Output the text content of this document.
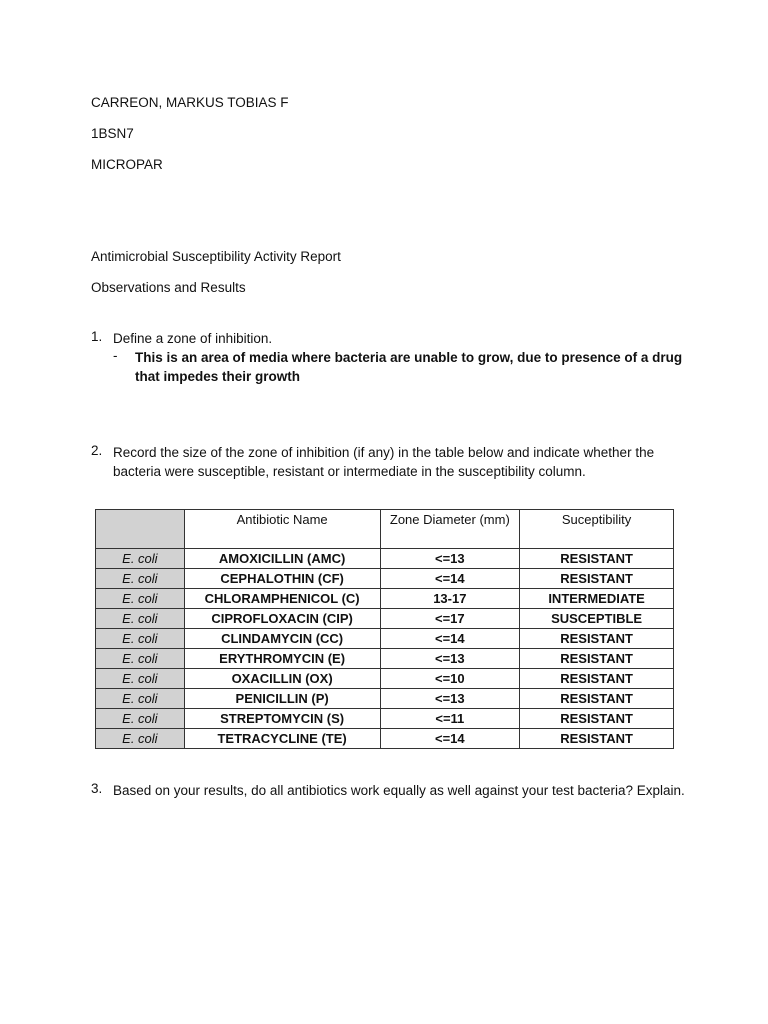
CARREON, MARKUS TOBIAS F
1BSN7
MICROPAR
Antimicrobial Susceptibility Activity Report
Observations and Results
1. Define a zone of inhibition.
- This is an area of media where bacteria are unable to grow, due to presence of a drug that impedes their growth
2. Record the size of the zone of inhibition (if any) in the table below and indicate whether the bacteria were susceptible, resistant or intermediate in the susceptibility column.
	Antibiotic Name	Zone Diameter (mm)	Suceptibility
E. coli	AMOXICILLIN (AMC)	<=13	RESISTANT
E. coli	CEPHALOTHIN (CF)	<=14	RESISTANT
E. coli	CHLORAMPHENICOL (C)	13-17	INTERMEDIATE
E. coli	CIPROFLOXACIN (CIP)	<=17	SUSCEPTIBLE
E. coli	CLINDAMYCIN (CC)	<=14	RESISTANT
E. coli	ERYTHROMYCIN (E)	<=13	RESISTANT
E. coli	OXACILLIN (OX)	<=10	RESISTANT
E. coli	PENICILLIN (P)	<=13	RESISTANT
E. coli	STREPTOMYCIN (S)	<=11	RESISTANT
E. coli	TETRACYCLINE (TE)	<=14	RESISTANT
3. Based on your results, do all antibiotics work equally as well against your test bacteria? Explain.
